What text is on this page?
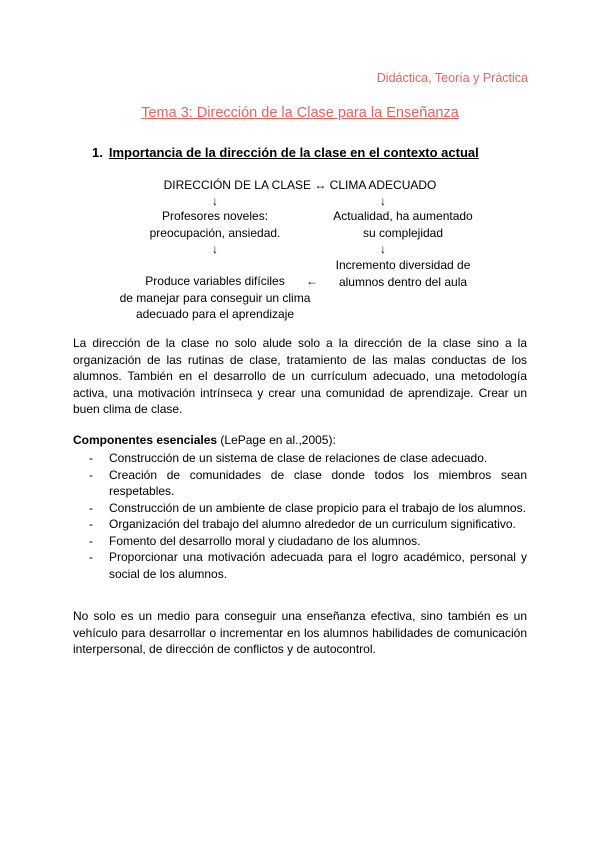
Didáctica, Teoría y Práctica
Tema 3: Dirección de la Clase para la Enseñanza
1. Importancia de la dirección de la clase en el contexto actual
DIRECCIÓN DE LA CLASE ↔ CLIMA ADECUADO
↓	↓
Profesores noveles:
preocupación, ansiedad.
Actualidad, ha aumentado
su complejidad
↓	↓
Incremento diversidad de
alumnos dentro del aula
←
Produce variables difíciles
de manejar para conseguir un clima
adecuado para el aprendizaje
La dirección de la clase no solo alude solo a la dirección de la clase sino a la organización de las rutinas de clase, tratamiento de las malas conductas de los alumnos. También en el desarrollo de un currículum adecuado, una metodología activa, una motivación intrínseca y crear una comunidad de aprendizaje. Crear un buen clima de clase.
Componentes esenciales (LePage en al.,2005):
- Construcción de un sistema de clase de relaciones de clase adecuado.
- Creación de comunidades de clase donde todos los miembros sean respetables.
- Construcción de un ambiente de clase propicio para el trabajo de los alumnos.
- Organización del trabajo del alumno alrededor de un curriculum significativo.
- Fomento del desarrollo moral y ciudadano de los alumnos.
- Proporcionar una motivación adecuada para el logro académico, personal y social de los alumnos.
No solo es un medio para conseguir una enseñanza efectiva, sino también es un vehículo para desarrollar o incrementar en los alumnos habilidades de comunicación interpersonal, de dirección de conflictos y de autocontrol.
